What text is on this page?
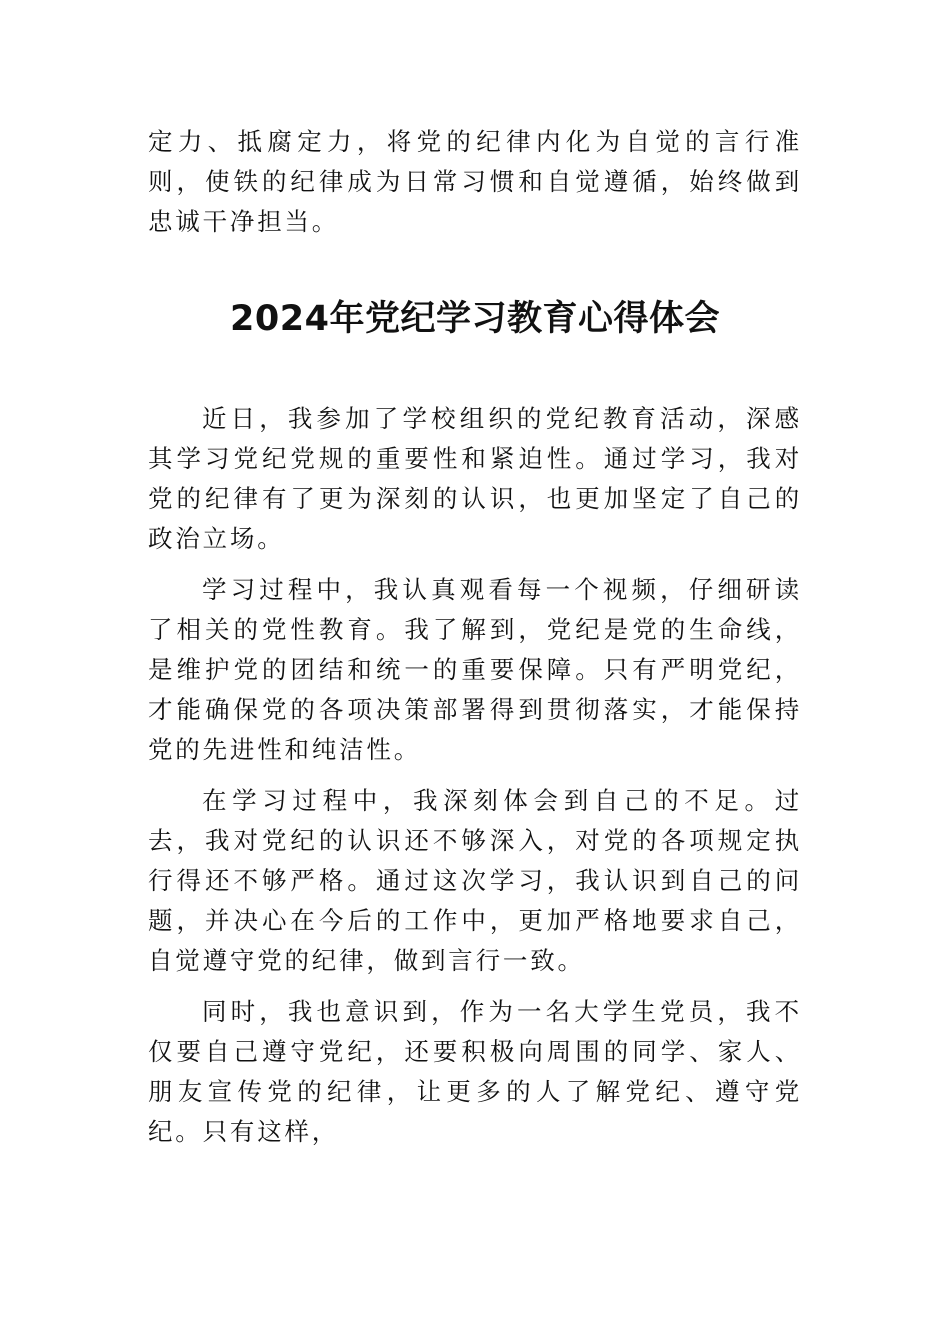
定力、抵腐定力，将党的纪律内化为自觉的言行准则，使铁的纪律成为日常习惯和自觉遵循，始终做到忠诚干净担当。

2024年党纪学习教育心得体会

近日，我参加了学校组织的党纪教育活动，深感其学习党纪党规的重要性和紧迫性。通过学习，我对党的纪律有了更为深刻的认识，也更加坚定了自己的政治立场。

学习过程中，我认真观看每一个视频，仔细研读了相关的党性教育。我了解到，党纪是党的生命线，是维护党的团结和统一的重要保障。只有严明党纪，才能确保党的各项决策部署得到贯彻落实，才能保持党的先进性和纯洁性。

在学习过程中，我深刻体会到自己的不足。过去，我对党纪的认识还不够深入，对党的各项规定执行得还不够严格。通过这次学习，我认识到自己的问题，并决心在今后的工作中，更加严格地要求自己，自觉遵守党的纪律，做到言行一致。

同时，我也意识到，作为一名大学生党员，我不仅要自己遵守党纪，还要积极向周围的同学、家人、朋友宣传党的纪律，让更多的人了解党纪、遵守党纪。只有这样，
